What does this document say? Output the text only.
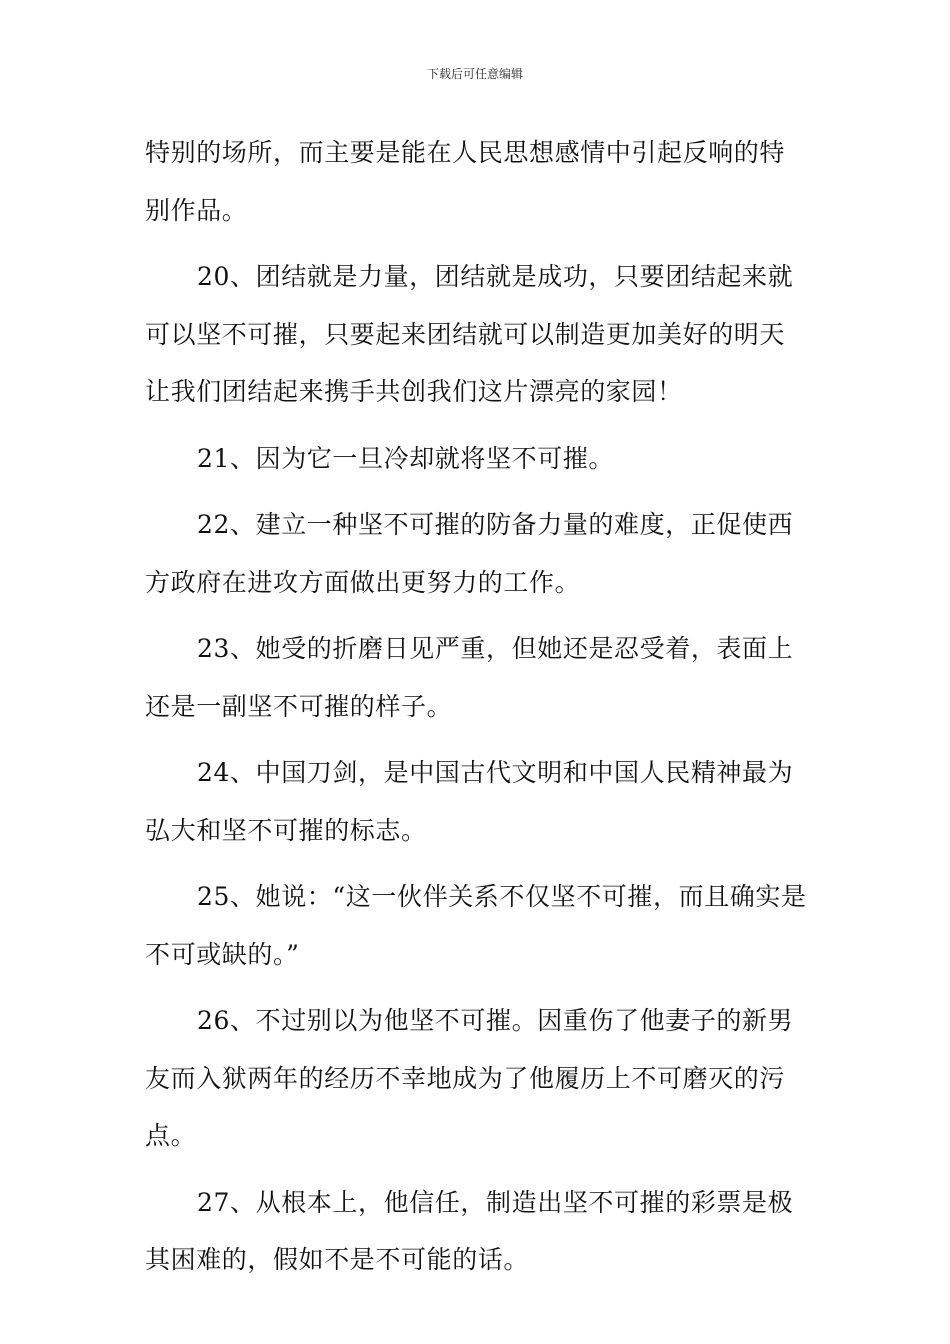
下载后可任意编辑

特别的场所，而主要是能在人民思想感情中引起反响的特别作品。

20、团结就是力量，团结就是成功，只要团结起来就可以坚不可摧，只要起来团结就可以制造更加美好的明天让我们团结起来携手共创我们这片漂亮的家园！

21、因为它一旦冷却就将坚不可摧。

22、建立一种坚不可摧的防备力量的难度，正促使西方政府在进攻方面做出更努力的工作。

23、她受的折磨日见严重，但她还是忍受着，表面上还是一副坚不可摧的样子。

24、中国刀剑，是中国古代文明和中国人民精神最为弘大和坚不可摧的标志。

25、她说：“这一伙伴关系不仅坚不可摧，而且确实是不可或缺的。”

26、不过别以为他坚不可摧。因重伤了他妻子的新男友而入狱两年的经历不幸地成为了他履历上不可磨灭的污点。

27、从根本上，他信任，制造出坚不可摧的彩票是极其困难的，假如不是不可能的话。
